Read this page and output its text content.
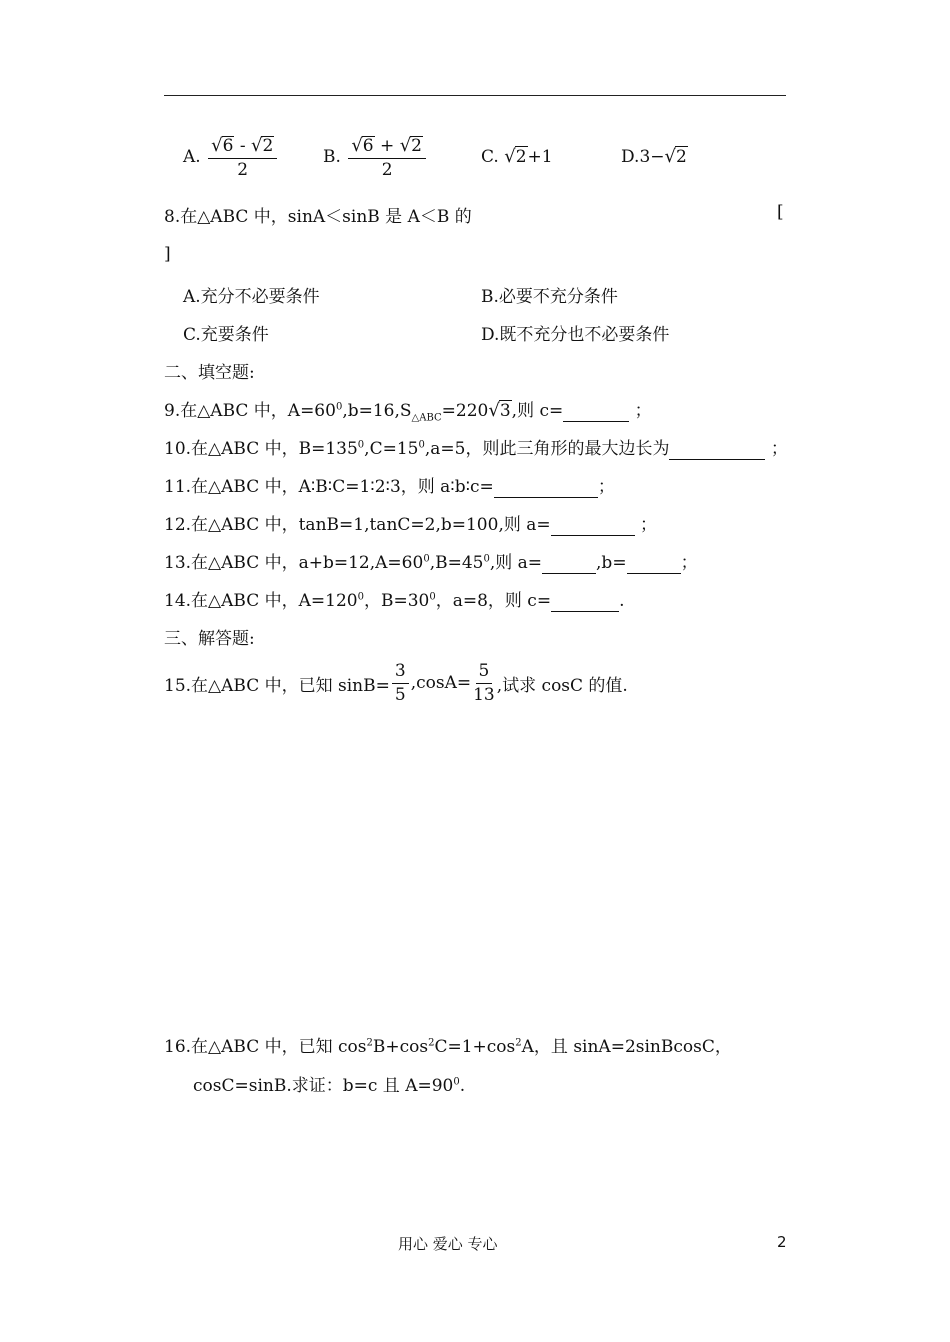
A. $\frac{√6 - √2}{2}$	B. $\frac{√6 + √2}{2}$	C. √2+1	D.3−√2
8.在△ABC 中，sinA＜sinB 是 A＜B 的	[
]
A.充分不必要条件	B.必要不充分条件
C.充要条件	D.既不充分也不必要条件
二、填空题:
9.在△ABC 中，$A=60^0,b=16,S_{\triangle ABC}=220√3$,则 c=	；
10.在△ABC 中，$B=135^0,C=15^0,a=5$，则此三角形的最大边长为	；
11.在△ABC 中，A∶B∶C=1∶2∶3，则 a∶b∶c=	；
12.在△ABC 中，tanB=1,tanC=2,b=100,则 a=	；
13.在△ABC 中，$a+b=12,A=60^0,B=45^0$,则 a=	,b=	；
14.在△ABC 中，$A=120^0$，$B=30^0$，a=8，则 c=	.
三、解答题:
15.在△ABC 中，已知 $\sin B= \frac{3}{5} ,\cos A= \frac{5}{13}$ ,试求 cosC 的值.
16.在△ABC 中，已知 $\cos^2B+\cos^2C=1+\cos^2A$，且 sinA=2sinBcosC，
cosC=sinB.求证：b=c 且 $A=90^0$.
用心 爱心 专心	2
